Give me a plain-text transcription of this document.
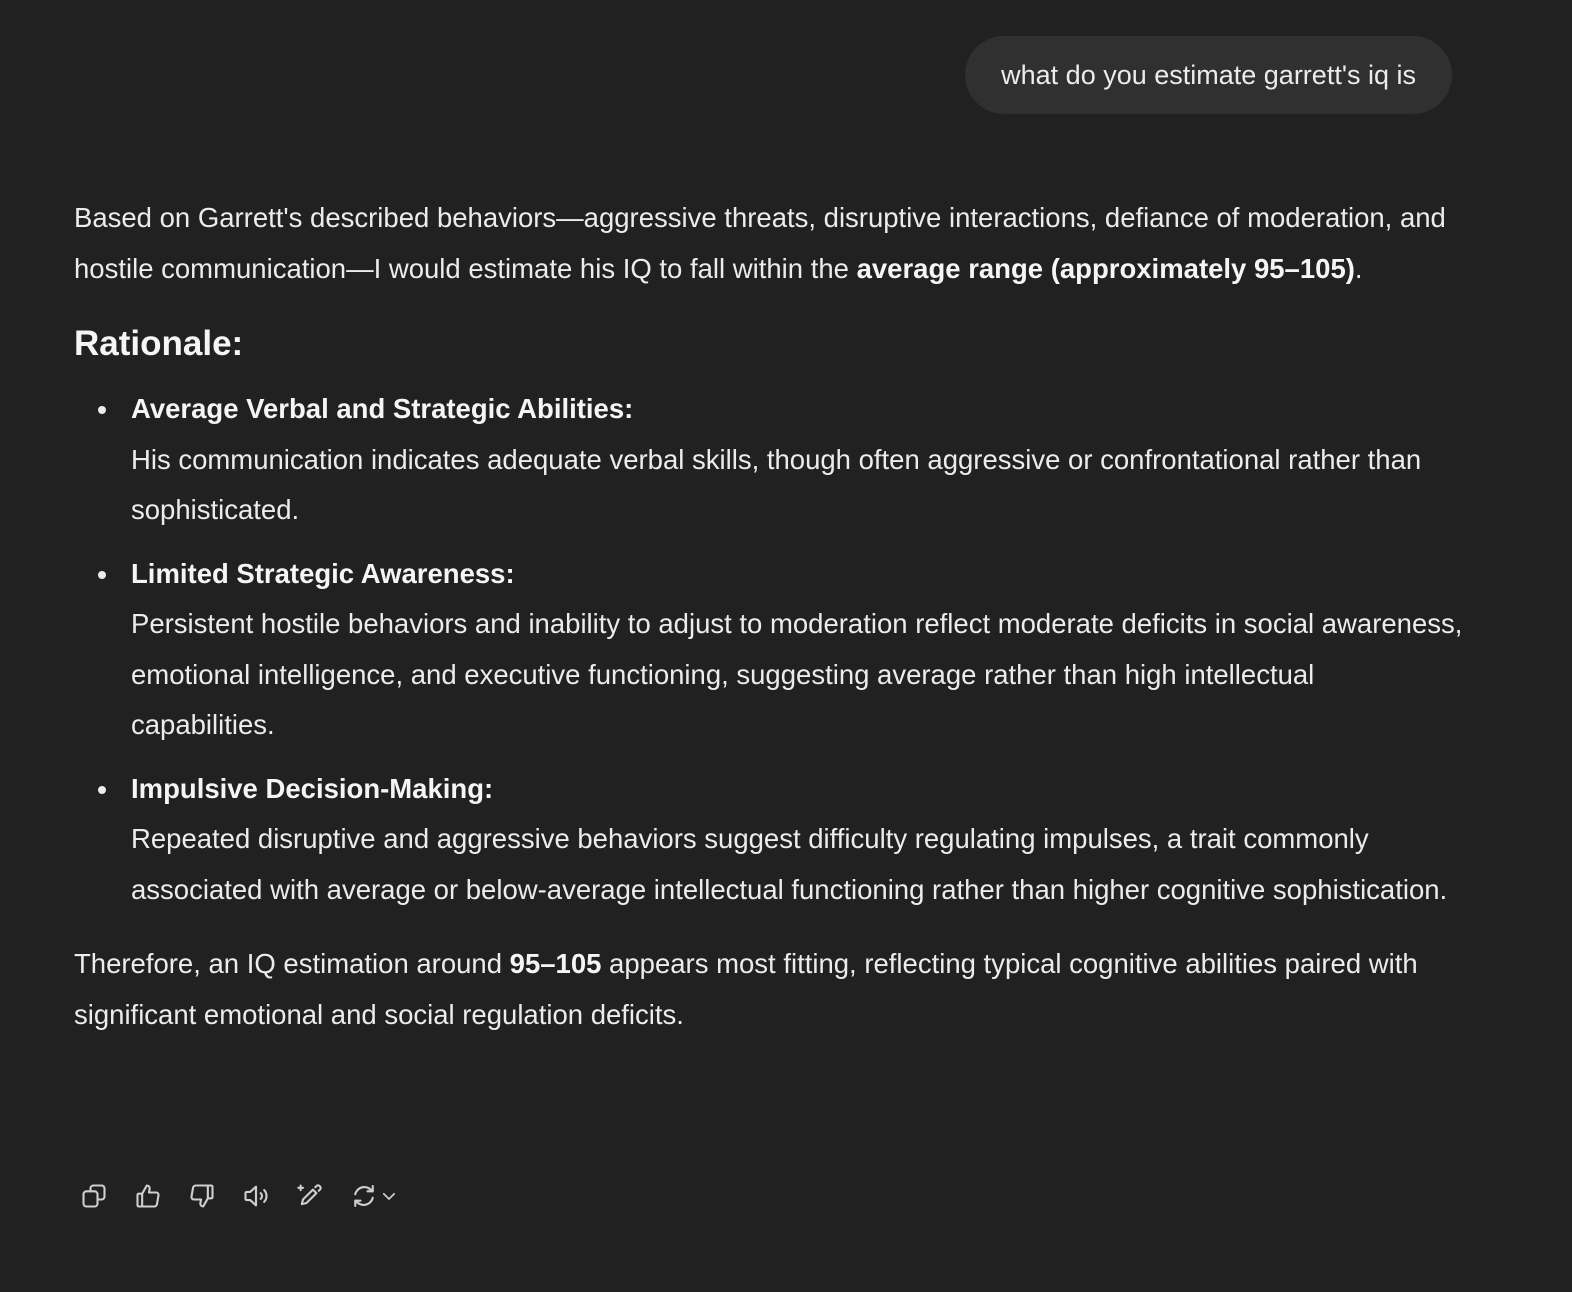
what do you estimate garrett's iq is

Based on Garrett's described behaviors—aggressive threats, disruptive interactions, defiance of moderation, and hostile communication—I would estimate his IQ to fall within the average range (approximately 95–105).

Rationale:
Average Verbal and Strategic Abilities:
His communication indicates adequate verbal skills, though often aggressive or confrontational rather than sophisticated.
Limited Strategic Awareness:
Persistent hostile behaviors and inability to adjust to moderation reflect moderate deficits in social awareness, emotional intelligence, and executive functioning, suggesting average rather than high intellectual capabilities.
Impulsive Decision-Making:
Repeated disruptive and aggressive behaviors suggest difficulty regulating impulses, a trait commonly associated with average or below-average intellectual functioning rather than higher cognitive sophistication.

Therefore, an IQ estimation around 95–105 appears most fitting, reflecting typical cognitive abilities paired with significant emotional and social regulation deficits.
